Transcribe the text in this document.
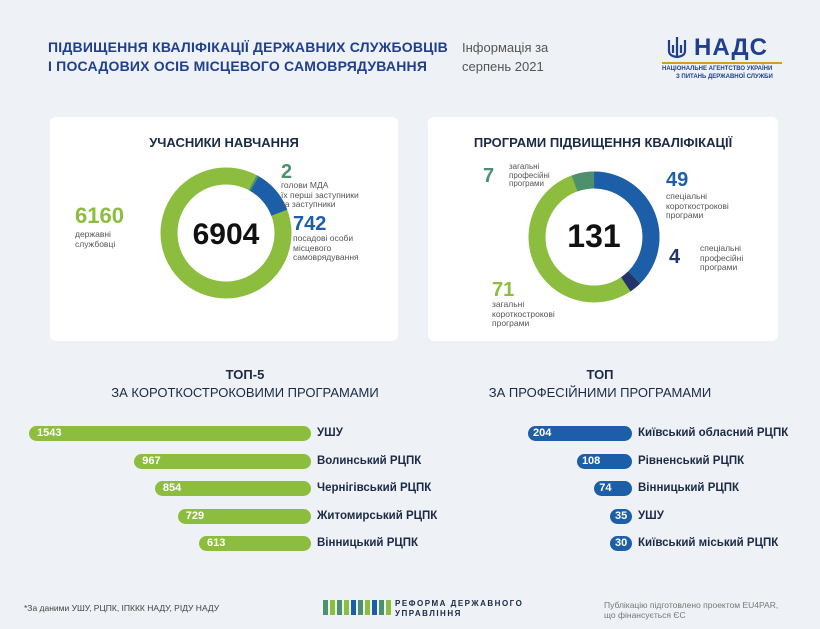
ПІДВИЩЕННЯ КВАЛІФІКАЦІЇ ДЕРЖАВНИХ СЛУЖБОВЦІВ
І ПОСАДОВИХ ОСІБ МІСЦЕВОГО САМОВРЯДУВАННЯ
Інформація за
серпень 2021
НАДС
НАЦІОНАЛЬНЕ АГЕНТСТВО УКРАЇНИ
З ПИТАНЬ ДЕРЖАВНОЇ СЛУЖБИ
УЧАСНИКИ НАВЧАННЯ
6904
6160
державні
службовці
2
голови МДА
їх перші заступники
та заступники
742
посадові особи
місцевого
самоврядування
ПРОГРАМИ ПІДВИЩЕННЯ КВАЛІФІКАЦІЇ
131
7 загальні
професійні
програми	49
спеціальні
короткострокові
програми
4 спеціальні
професійні
програми
71
загальні
короткострокові
програми
ТОП-5
ЗА КОРОТКОСТРОКОВИМИ ПРОГРАМАМИ
ТОП
ЗА ПРОФЕСІЙНИМИ ПРОГРАМАМИ
1543	УШУ
967	Волинський РЦПК
854	Чернігівський РЦПК
729	Житомирський РЦПК
613	Вінницький РЦПК
204	Київський обласний РЦПК
108	Рівненський РЦПК
74 Вінницький РЦПК
35 УШУ
30 Київський міський РЦПК
*За даними УШУ, РЦПК, ІПККК НАДУ, РІДУ НАДУ	РЕФОРМА ДЕРЖАВНОГО
УПРАВЛІННЯ
Публікацію підготовлено проектом EU4PAR,
що фінансується ЄС
